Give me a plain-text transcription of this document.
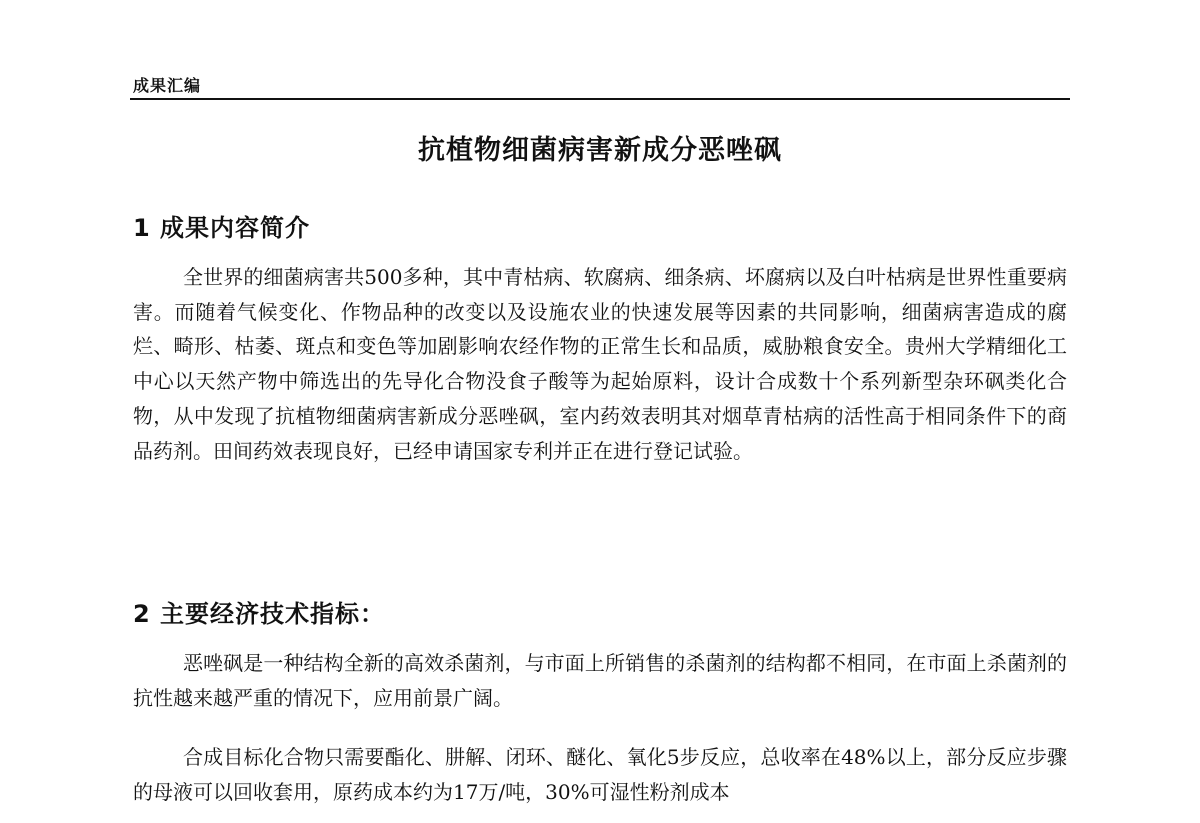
成果汇编
抗植物细菌病害新成分恶唑砜
1 成果内容简介

全世界的细菌病害共500多种，其中青枯病、软腐病、细条病、坏腐病以及白叶枯病是世界性重要病害。而随着气候变化、作物品种的改变以及设施农业的快速发展等因素的共同影响，细菌病害造成的腐烂、畸形、枯萎、斑点和变色等加剧影响农经作物的正常生长和品质，威胁粮食安全。贵州大学精细化工中心以天然产物中筛选出的先导化合物没食子酸等为起始原料，设计合成数十个系列新型杂环砜类化合物，从中发现了抗植物细菌病害新成分恶唑砜，室内药效表明其对烟草青枯病的活性高于相同条件下的商品药剂。田间药效表现良好，已经申请国家专利并正在进行登记试验。

2 主要经济技术指标：

恶唑砜是一种结构全新的高效杀菌剂，与市面上所销售的杀菌剂的结构都不相同，在市面上杀菌剂的抗性越来越严重的情况下，应用前景广阔。

合成目标化合物只需要酯化、肼解、闭环、醚化、氧化5步反应，总收率在48%以上，部分反应步骤的母液可以回收套用，原药成本约为17万/吨，30%可湿性粉剂成本
